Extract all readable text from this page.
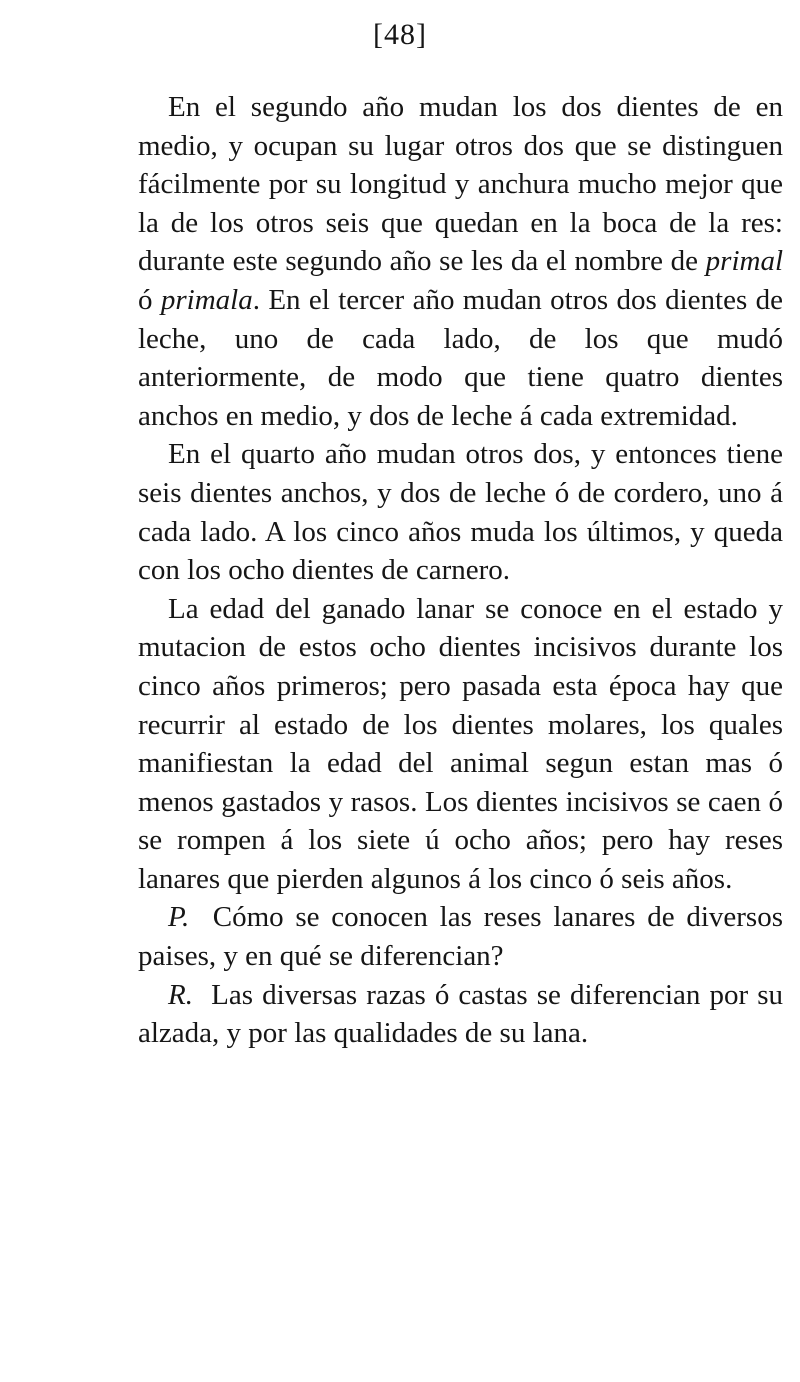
[48]

En el segundo año mudan los dos dientes de en medio, y ocupan su lugar otros dos que se distinguen fácilmente por su longitud y anchura mucho mejor que la de los otros seis que quedan en la boca de la res: durante este segundo año se les da el nombre de primal ó primala. En el tercer año mudan otros dos dientes de leche, uno de cada lado, de los que mudó anteriormente, de modo que tiene quatro dientes anchos en medio, y dos de leche á cada extremidad.

En el quarto año mudan otros dos, y entonces tiene seis dientes anchos, y dos de leche ó de cordero, uno á cada lado. A los cinco años muda los últimos, y queda con los ocho dientes de carnero.

La edad del ganado lanar se conoce en el estado y mutacion de estos ocho dientes incisivos durante los cinco años primeros; pero pasada esta época hay que recurrir al estado de los dientes molares, los quales manifiestan la edad del animal segun estan mas ó menos gastados y rasos. Los dientes incisivos se caen ó se rompen á los siete ú ocho años; pero hay reses lanares que pierden algunos á los cinco ó seis años.

P. Cómo se conocen las reses lanares de diversos paises, y en qué se diferencian?

R. Las diversas razas ó castas se diferencian por su alzada, y por las qualidades de su lana.
